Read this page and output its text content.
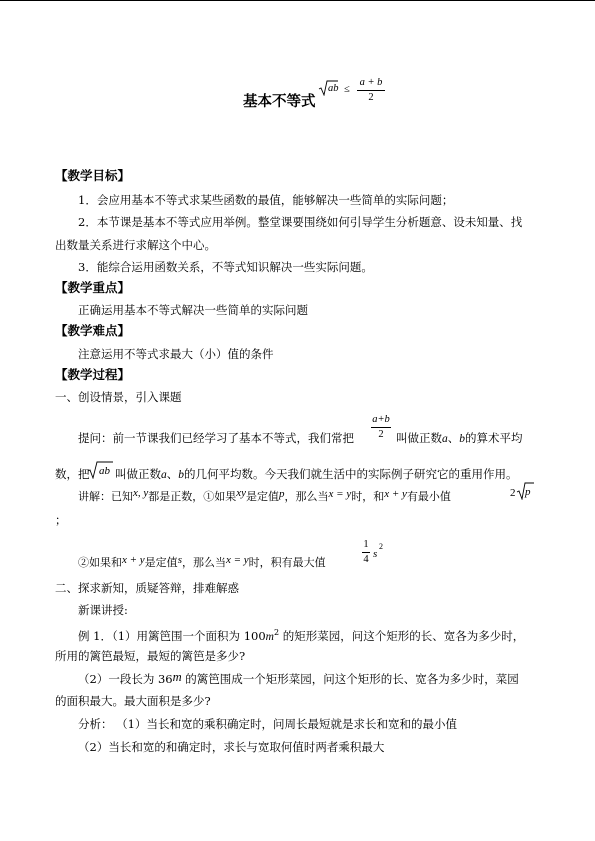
基本不等式
ab ≤
a + b
2
【教学目标】
1．会应用基本不等式求某些函数的最值，能够解决一些简单的实际问题；
2．本节课是基本不等式应用举例。整堂课要围绕如何引导学生分析题意、设未知量、找
出数量关系进行求解这个中心。
3．能综合运用函数关系，不等式知识解决一些实际问题。
【教学重点】
正确运用基本不等式解决一些简单的实际问题
【教学难点】
注意运用不等式求最大（小）值的条件
【教学过程】
一、创设情景，引入课题
a+b
2
提问：前一节课我们已经学习了基本不等式，我们常把	叫做正数a、b的算术平均
数，把 ab 叫做正数a、b的几何平均数。今天我们就生活中的实际例子研究它的重用作用。
讲解：已知x, y都是正数，①如果xy是定值p，那么当x = y时，和x + y有最小值	2 p
；
②如果和x + y是定值s，那么当x = y时，积有最大值
1
4 s
2
二、探求新知，质疑答辩，排难解惑
新课讲授:
例 1．（1）用篱笆围一个面积为 $100m^2$ 的矩形菜园，问这个矩形的长、宽各为多少时，
所用的篱笆最短，最短的篱笆是多少?
（2）一段长为 36m 的篱笆围成一个矩形菜园，问这个矩形的长、宽各为多少时，菜园
的面积最大。最大面积是多少?
分析： （1）当长和宽的乘积确定时，问周长最短就是求长和宽和的最小值
（2）当长和宽的和确定时，求长与宽取何值时两者乘积最大
